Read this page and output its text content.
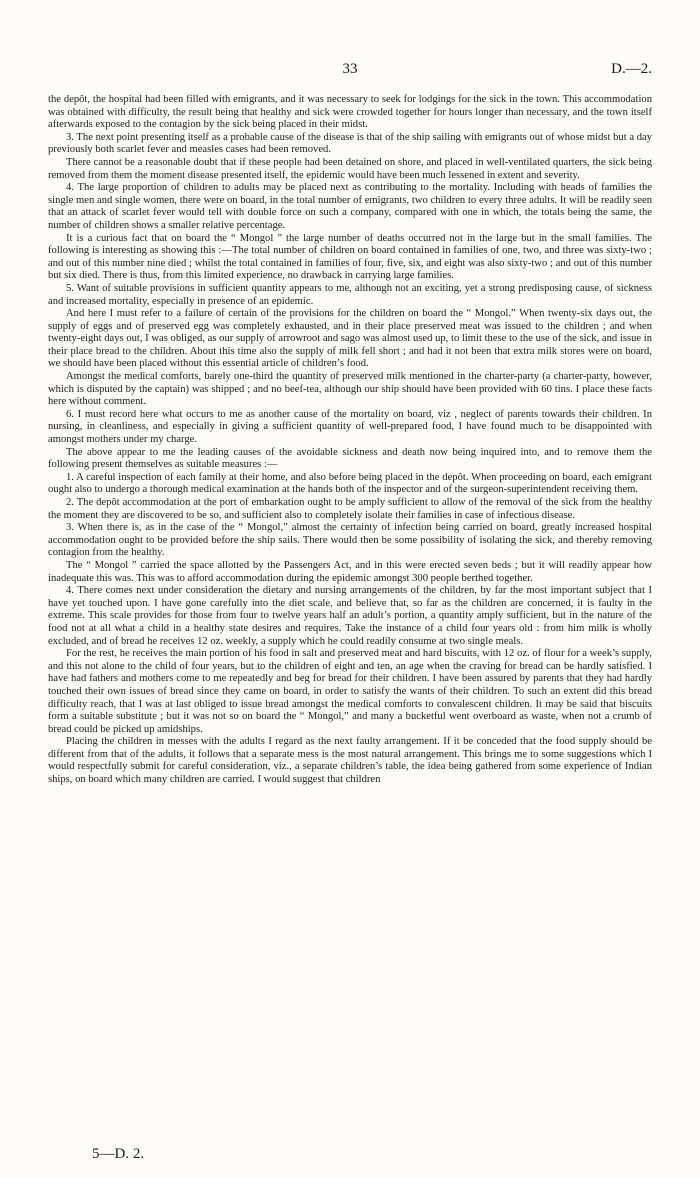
33	D.—2.

the depôt, the hospital had been filled with emigrants, and it was necessary to seek for lodgings for the sick in the town. This accommodation was obtained with difficulty, the result being that healthy and sick were crowded together for hours longer than necessary, and the town itself afterwards exposed to the contagion by the sick being placed in their midst.

3. The next point presenting itself as a probable cause of the disease is that of the ship sailing with emigrants out of whose midst but a day previously both scarlet fever and measles cases had been removed.

There cannot be a reasonable doubt that if these people had been detained on shore, and placed in well-ventilated quarters, the sick being removed from them the moment disease presented itself, the epidemic would have been much lessened in extent and severity.

4. The large proportion of children to adults may be placed next as contributing to the mortality. Including with heads of families the single men and single women, there were on board, in the total number of emigrants, two children to every three adults. It will be readily seen that an attack of scarlet fever would tell with double force on such a company, compared with one in which, the totals being the same, the number of children shows a smaller relative percentage.

It is a curious fact that on board the “ Mongol ” the large number of deaths occurred not in the large but in the small families. The following is interesting as showing this :—The total number of children on board contained in families of one, two, and three was sixty-two ; and out of this number nine died ; whilst the total contained in families of four, five, six, and eight was also sixty-two ; and out of this number but six died. There is thus, from this limited experience, no drawback in carrying large families.

5. Want of suitable provisions in sufficient quantity appears to me, although not an exciting, yet a strong predisposing cause, of sickness and increased mortality, especially in presence of an epidemic.

And here I must refer to a failure of certain of the provisions for the children on board the “ Mongol.” When twenty-six days out, the supply of eggs and of preserved egg was completely exhausted, and in their place preserved meat was issued to the children ; and when twenty-eight days out, I was obliged, as our supply of arrowroot and sago was almost used up, to limit these to the use of the sick, and issue in their place bread to the children. About this time also the supply of milk fell short ; and had it not been that extra milk stores were on board, we should have been placed without this essential article of children’s food.

Amongst the medical comforts, barely one-third the quantity of preserved milk mentioned in the charter-party (a charter-party, however, which is disputed by the captain) was shipped ; and no beef-tea, although our ship should have been provided with 60 tins. I place these facts here without comment.

6. I must record here what occurs to me as another cause of the mortality on board, viz , neglect of parents towards their children. In nursing, in cleanliness, and especially in giving a sufficient quantity of well-prepared food, I have found much to be disappointed with amongst mothers under my charge.

The above appear to me the leading causes of the avoidable sickness and death now being inquired into, and to remove them the following present themselves as suitable measures :—

1. A careful inspection of each family at their home, and also before being placed in the depôt. When proceeding on board, each emigrant ought also to undergo a thorough medical examination at the hands both of the inspector and of the surgeon-superintendent receiving them.

2. The depôt accommodation at the port of embarkation ought to be amply sufficient to allow of the removal of the sick from the healthy the moment they are discovered to be so, and sufficient also to completely isolate their families in case of infectious disease.

3. When there is, as in the case of the “ Mongol,” almost the certainty of infection being carried on board, greatly increased hospital accommodation ought to be provided before the ship sails. There would then be some possibility of isolating the sick, and thereby removing contagion from the healthy.

The “ Mongol ” carried the space allotted by the Passengers Act, and in this were erected seven beds ; but it will readily appear how inadequate this was. This was to afford accommodation during the epidemic amongst 300 people berthed together.

4. There comes next under consideration the dietary and nursing arrangements of the children, by far the most important subject that I have yet touched upon. I have gone carefully into the diet scale, and believe that, so far as the children are concerned, it is faulty in the extreme. This scale provides for those from four to twelve years half an adult’s portion, a quantity amply sufficient, but in the nature of the food not at all what a child in a healthy state desires and requires. Take the instance of a child four years old : from him milk is wholly excluded, and of bread he receives 12 oz. weekly, a supply which he could readily consume at two single meals.

For the rest, he receives the main portion of his food in salt and preserved meat and hard biscuits, with 12 oz. of flour for a week’s supply, and this not alone to the child of four years, but to the children of eight and ten, an age when the craving for bread can be hardly satisfied. I have had fathers and mothers come to me repeatedly and beg for bread for their children. I have been assured by parents that they had hardly touched their own issues of bread since they came on board, in order to satisfy the wants of their children. To such an extent did this bread difficulty reach, that I was at last obliged to issue bread amongst the medical comforts to convalescent children. It may be said that biscuits form a suitable substitute ; but it was not so on board the “ Mongol,” and many a bucketful went overboard as waste, when not a crumb of bread could be picked up amidships.

Placing the children in messes with the adults I regard as the next faulty arrangement. If it be conceded that the food supply should be different from that of the adults, it follows that a separate mess is the most natural arrangement. This brings me to some suggestions which I would respectfully submit for careful consideration, viz., a separate children’s table, the idea being gathered from some experience of Indian ships, on board which many children are carried. I would suggest that children

5—D. 2.
